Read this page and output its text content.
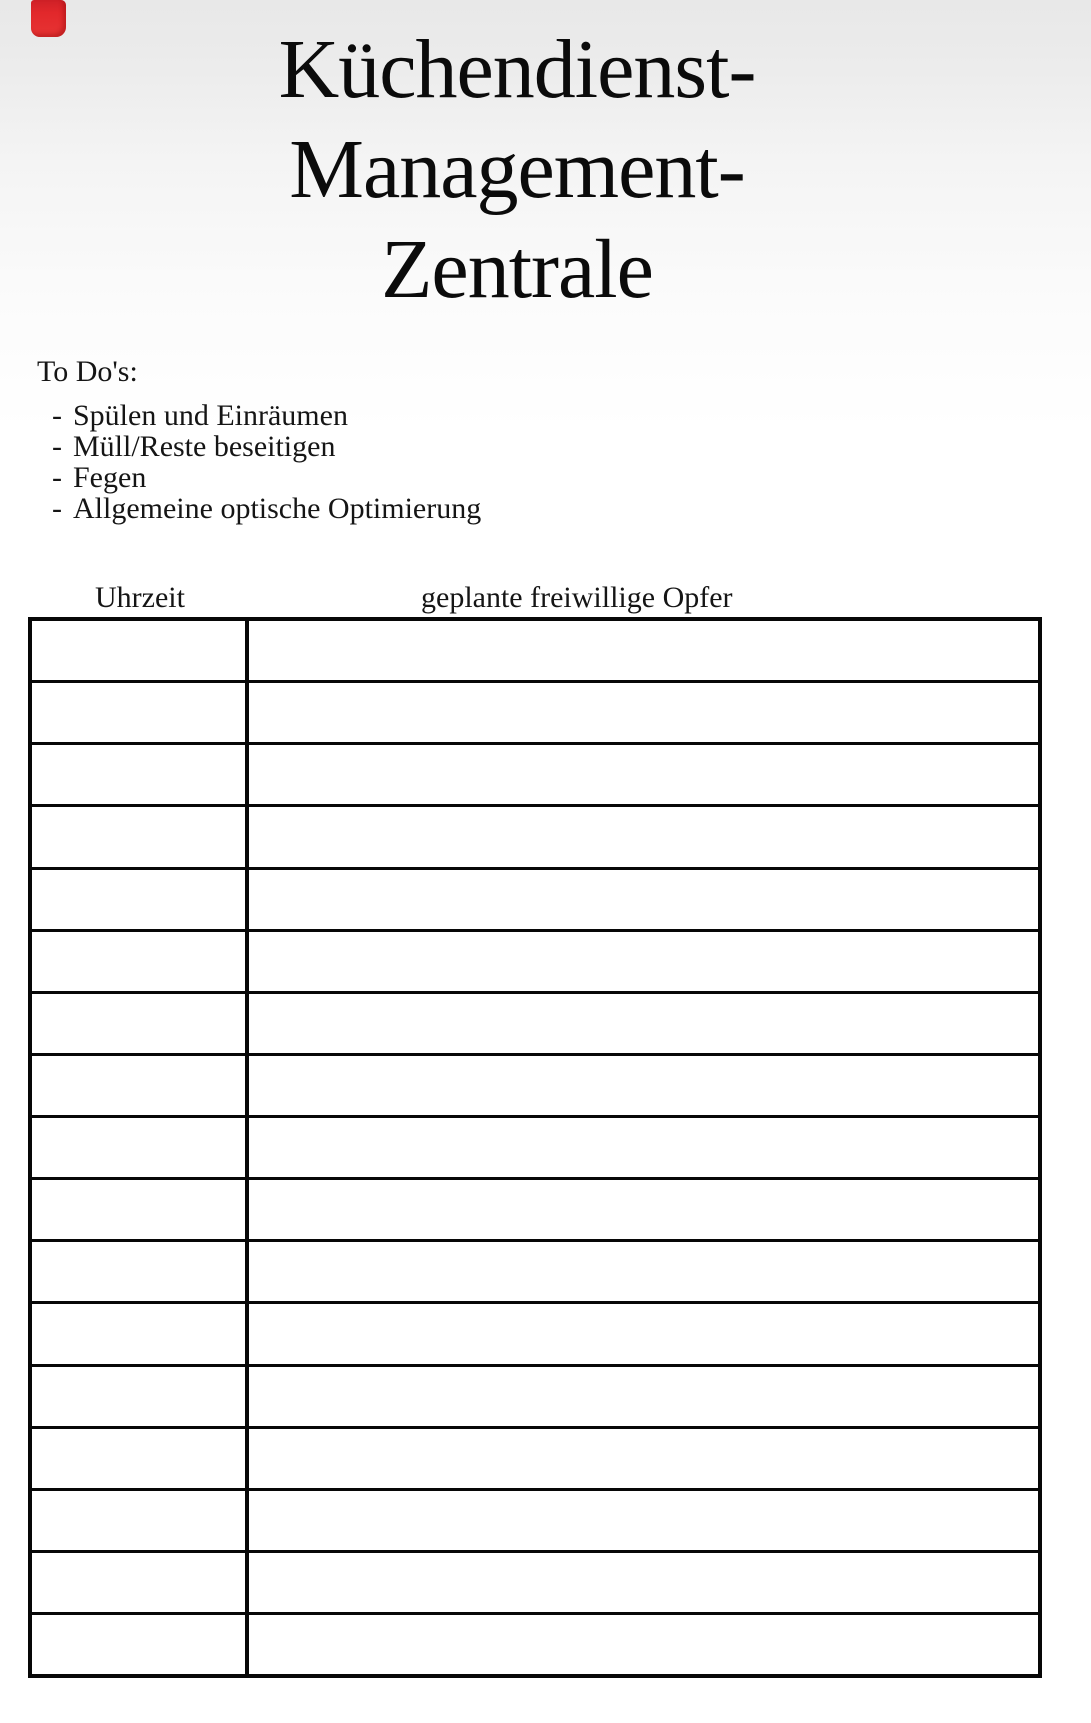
Küchendienst-
Management-
Zentrale
To Do's:
- Spülen und Einräumen
- Müll/Reste beseitigen
- Fegen
- Allgemeine optische Optimierung
Uhrzeit	geplante freiwillige Opfer
